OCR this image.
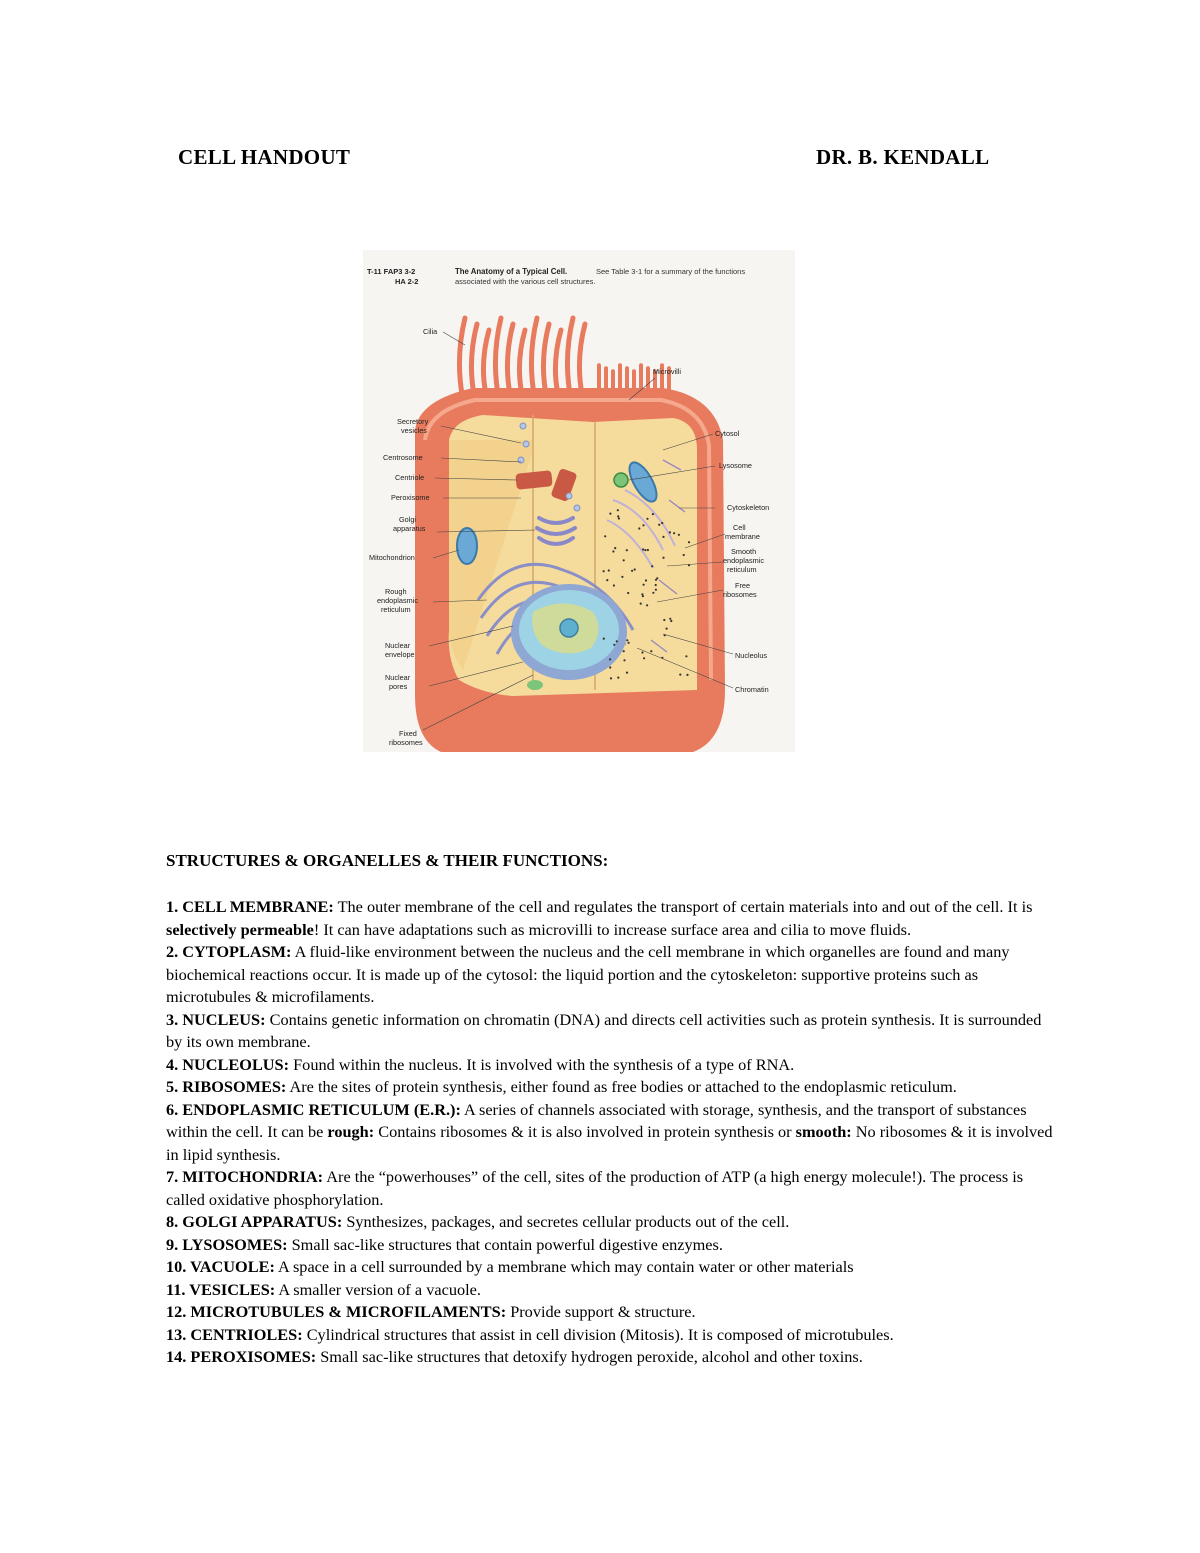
CELL HANDOUT	DR. B. KENDALL
T-11 FAP3 3-2
HA 2-2
The Anatomy of a Typical Cell.	See Table 3-1 for a summary of the functions
associated with the various cell structures.
Cilia
Secretory
vesicles
Centrosome
Centriole
Peroxisome
Golgi
apparatus
Mitochondrion
Rough
endoplasmic
reticulum
Nuclear
envelope
Nuclear
pores
Fixed
ribosomes
Microvilli
Cytosol
Lysosome
Cytoskeleton
Cell
membrane
Smooth
endoplasmic
reticulum
Free
ribosomes
Nucleolus
Chromatin
STRUCTURES & ORGANELLES & THEIR FUNCTIONS:

1. CELL MEMBRANE: The outer membrane of the cell and regulates the transport of certain materials into and out of the cell. It is selectively permeable! It can have adaptations such as microvilli to increase surface area and cilia to move fluids.

2. CYTOPLASM: A fluid-like environment between the nucleus and the cell membrane in which organelles are found and many biochemical reactions occur. It is made up of the cytosol: the liquid portion and the cytoskeleton: supportive proteins such as microtubules & microfilaments.

3. NUCLEUS: Contains genetic information on chromatin (DNA) and directs cell activities such as protein synthesis. It is surrounded by its own membrane.

4. NUCLEOLUS: Found within the nucleus. It is involved with the synthesis of a type of RNA.

5. RIBOSOMES: Are the sites of protein synthesis, either found as free bodies or attached to the endoplasmic reticulum.

6. ENDOPLASMIC RETICULUM (E.R.): A series of channels associated with storage, synthesis, and the transport of substances within the cell. It can be rough: Contains ribosomes & it is also involved in protein synthesis or smooth: No ribosomes & it is involved in lipid synthesis.

7. MITOCHONDRIA: Are the “powerhouses” of the cell, sites of the production of ATP (a high energy molecule!). The process is called oxidative phosphorylation.

8. GOLGI APPARATUS: Synthesizes, packages, and secretes cellular products out of the cell.

9. LYSOSOMES: Small sac-like structures that contain powerful digestive enzymes.

10. VACUOLE: A space in a cell surrounded by a membrane which may contain water or other materials

11. VESICLES: A smaller version of a vacuole.

12. MICROTUBULES & MICROFILAMENTS: Provide support & structure.

13. CENTRIOLES: Cylindrical structures that assist in cell division (Mitosis). It is composed of microtubules.

14. PEROXISOMES: Small sac-like structures that detoxify hydrogen peroxide, alcohol and other toxins.
